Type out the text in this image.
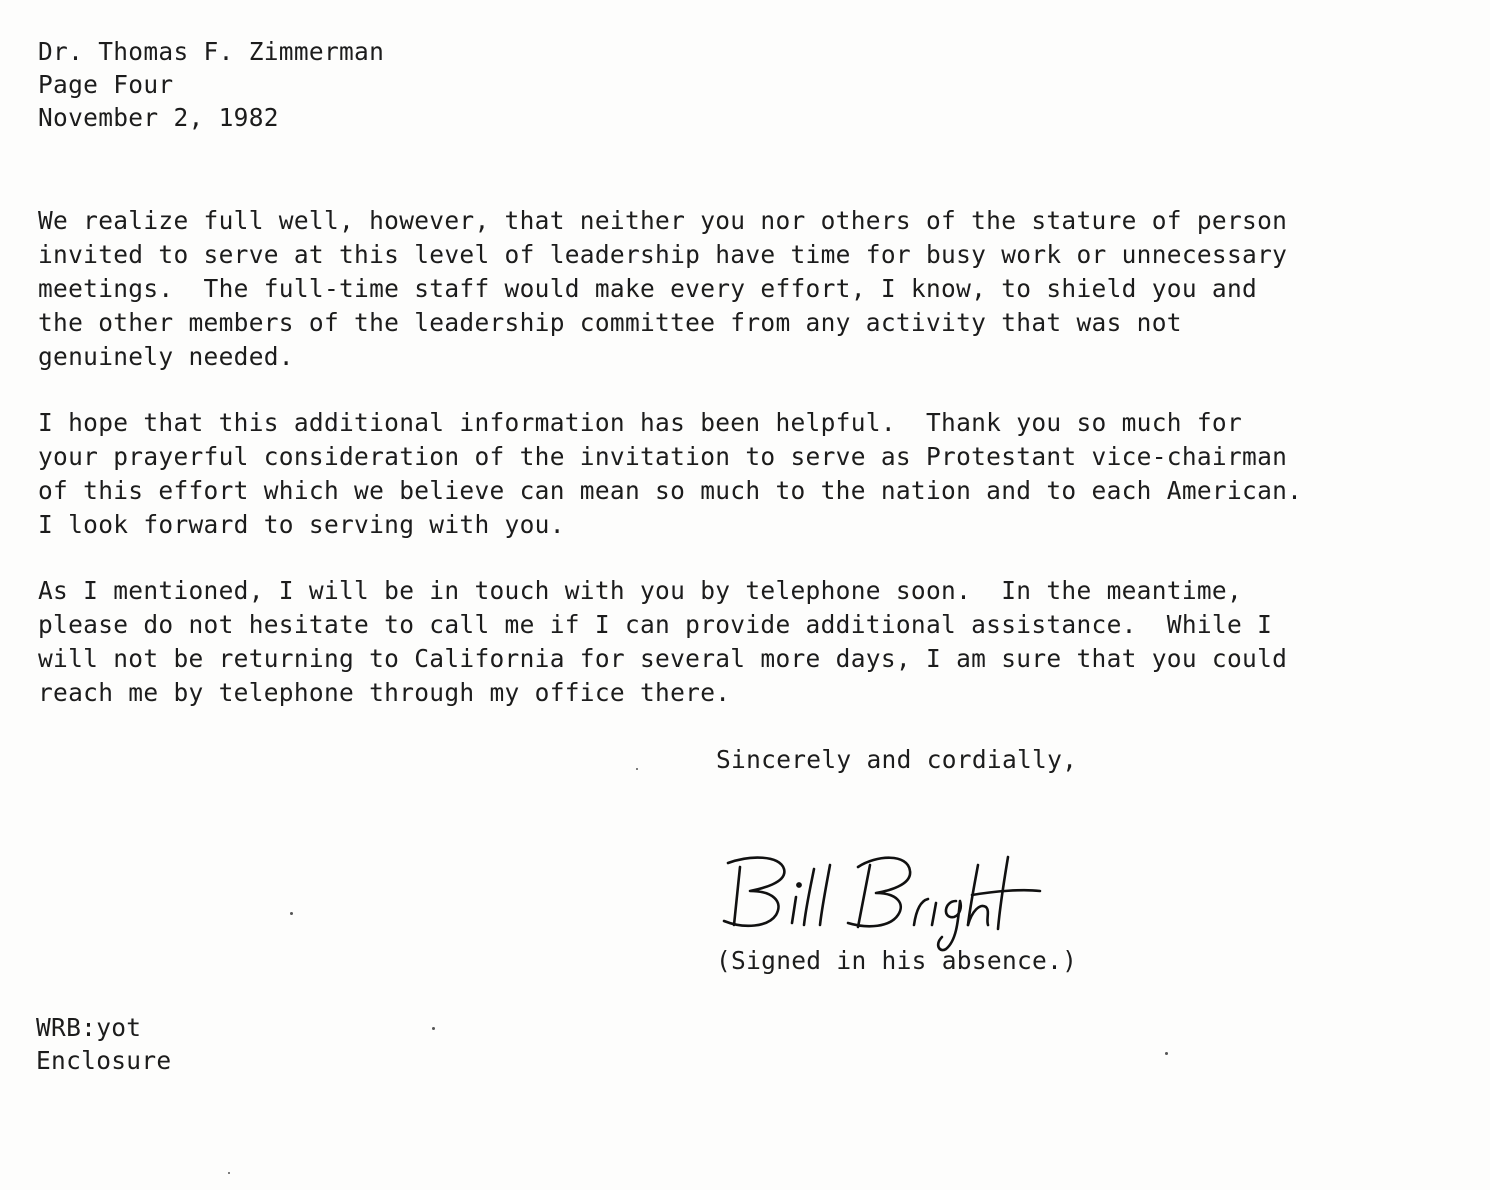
Dr. Thomas F. Zimmerman
Page Four
November 2, 1982
We realize full well, however, that neither you nor others of the stature of person
invited to serve at this level of leadership have time for busy work or unnecessary
meetings.  The full-time staff would make every effort, I know, to shield you and
the other members of the leadership committee from any activity that was not
genuinely needed.
I hope that this additional information has been helpful.  Thank you so much for
your prayerful consideration of the invitation to serve as Protestant vice-chairman
of this effort which we believe can mean so much to the nation and to each American.
I look forward to serving with you.
As I mentioned, I will be in touch with you by telephone soon.  In the meantime,
please do not hesitate to call me if I can provide additional assistance.  While I
will not be returning to California for several more days, I am sure that you could
reach me by telephone through my office there.
Sincerely and cordially,
(Signed in his absence.)
WRB:yot
Enclosure
